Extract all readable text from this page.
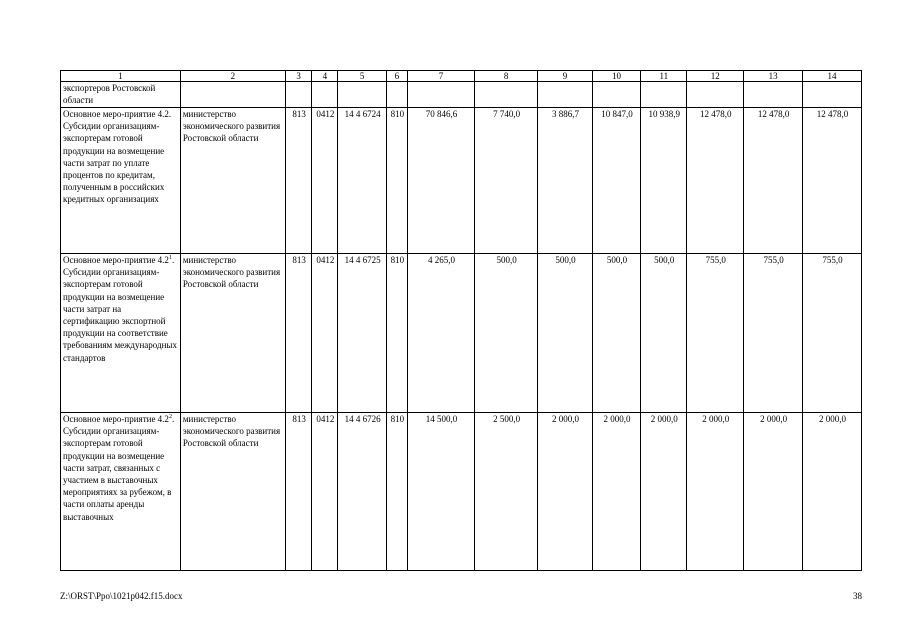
1	2	3	4	5	6	7	8	9	10	11	12	13	14
экспортеров Ростовской области													
Основное меро-приятие 4.2. Субсидии организациям-экспортерам готовой продукции на возмещение части затрат по уплате процентов по кредитам, полученным в российских кредитных организациях	министерство экономического развития Ростовской области	813	0412	14 4 6724	810	70 846,6	7 740,0	3 886,7	10 847,0	10 938,9	12 478,0	12 478,0	12 478,0
Основное меро-приятие $4.2^1$. Субсидии организациям-экспортерам готовой продукции на возмещение части затрат на сертификацию экспортной продукции на соответствие требованиям международных стандартов	министерство экономического развития Ростовской области	813	0412	14 4 6725	810	4 265,0	500,0	500,0	500,0	500,0	755,0	755,0	755,0
Основное меро-приятие $4.2^2$. Субсидии организациям-экспортерам готовой продукции на возмещение части затрат, связанных с участием в выставочных мероприятиях за рубежом, в части оплаты аренды выставочных	министерство экономического развития Ростовской области	813	0412	14 4 6726	810	14 500,0	2 500,0	2 000,0	2 000,0	2 000,0	2 000,0	2 000,0	2 000,0
Z:\ORST\Ppo\1021p042.f15.docx	38
